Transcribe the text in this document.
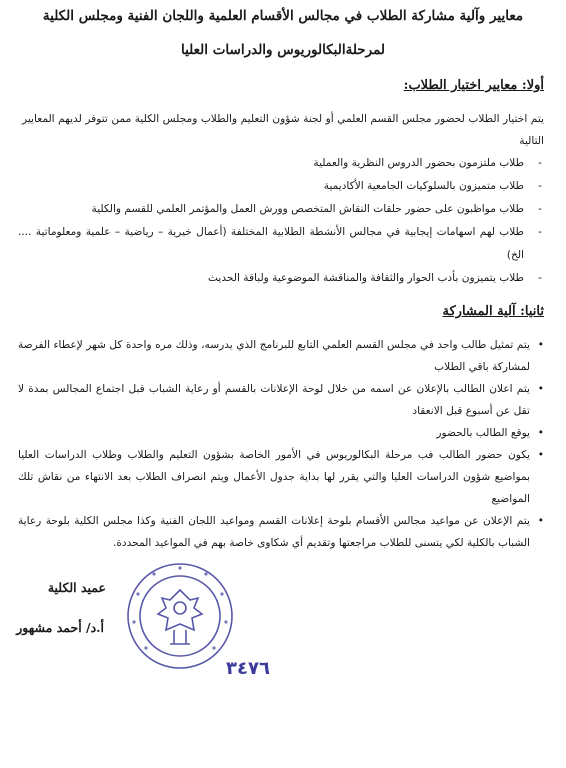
معايير وآلية مشاركة الطلاب في مجالس الأقسام العلمية واللجان الفنية ومجلس الكلية
لمرحلةالبكالوريوس والدراسات العليا
أولا: معايير اختيار الطلاب:
يتم اختيار الطلاب لحضور مجلس القسم العلمي أو لجنة شؤون التعليم والطلاب ومجلس الكلية ممن تتوفر لديهم المعايير التالية
-
طلاب ملتزمون بحضور الدروس النظرية والعملية
-
طلاب متميزون بالسلوكيات الجامعية الأكاديمية
-
طلاب مواظبون على حضور حلقات النقاش المتخصص وورش العمل والمؤتمر العلمي للقسم والكلية
-
طلاب لهم اسهامات إيجابية في مجالس الأنشطة الطلابية المختلفة (أعمال خيرية – رياضية – علمية ومعلوماتية .... الخ)
-
طلاب يتميزون بأدب الحوار والثقافة والمناقشة الموضوعية ولباقة الحديث
ثانيا: آلية المشاركة
•
يتم تمثيل طالب واحد في مجلس القسم العلمي التابع للبرنامج الذي يدرسه، وذلك مره واحدة كل شهر لإعطاء الفرصة لمشاركة باقي الطلاب
•
يتم اعلان الطالب بالإعلان عن اسمه من خلال لوحة الإعلانات بالقسم أو رعاية الشباب قبل اجتماع المجالس بمدة لا تقل عن أسبوع قبل الانعقاد
•
يوقع الطالب بالحضور
•
يكون حضور الطالب فب مرحلة البكالوريوس في الأمور الخاصة بشؤون التعليم والطلاب وطلاب الدراسات العليا بمواضيع شؤون الدراسات العليا والتي يقرر لها بداية جدول الأعمال ويتم انصراف الطلاب بعد الانتهاء من نقاش تلك المواضيع
•
يتم الإعلان عن مواعيد مجالس الأقسام بلوحة إعلانات القسم ومواعيد اللجان الفنية وكذا مجلس الكلية بلوحة رعاية الشباب بالكلية لكي يتسنى للطلاب مراجعتها وتقديم أي شكاوى خاصة بهم في المواعيد المحددة.
عميد الكلية
أ.د/ أحمد مشهور
٣٤٧٦
